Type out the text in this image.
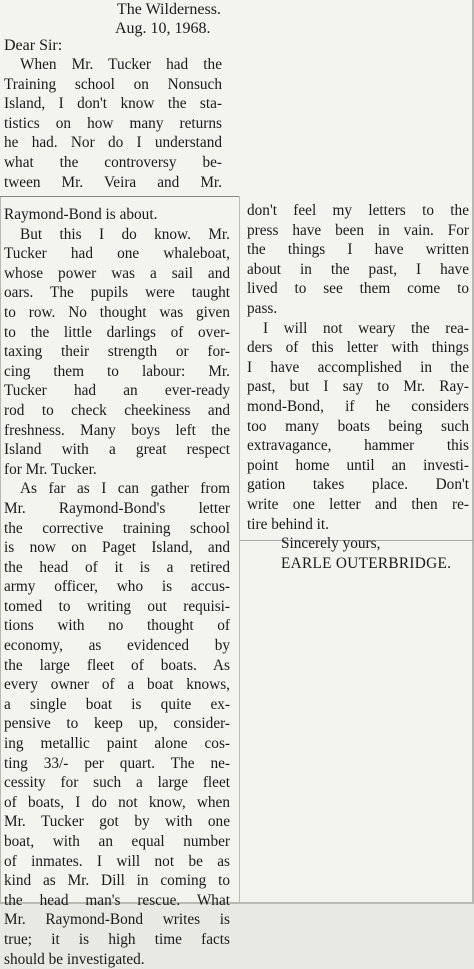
The Wilderness.
Aug. 10, 1968.
Dear Sir:
When Mr. Tucker had the
Training school on Nonsuch
Island, I don't know the sta-
tistics on how many returns
he had. Nor do I understand
what the controversy be-
tween Mr. Veira and Mr.
Raymond-Bond is about.
But this I do know. Mr.
Tucker had one whaleboat,
whose power was a sail and
oars. The pupils were taught
to row. No thought was given
to the little darlings of over-
taxing their strength or for-
cing them to labour: Mr.
Tucker had an ever-ready
rod to check cheekiness and
freshness. Many boys left the
Island with a great respect
for Mr. Tucker.
As far as I can gather from
Mr. Raymond-Bond's letter
the corrective training school
is now on Paget Island, and
the head of it is a retired
army officer, who is accus-
tomed to writing out requisi-
tions with no thought of
economy, as evidenced by
the large fleet of boats. As
every owner of a boat knows,
a single boat is quite ex-
pensive to keep up, consider-
ing metallic paint alone cos-
ting 33/- per quart. The ne-
cessity for such a large fleet
of boats, I do not know, when
Mr. Tucker got by with one
boat, with an equal number
of inmates. I will not be as
kind as Mr. Dill in coming to
the head man's rescue. What
Mr. Raymond-Bond writes is
true; it is high time facts
should be investigated.
don't feel my letters to the
press have been in vain. For
the things I have written
about in the past, I have
lived to see them come to
pass.
I will not weary the rea-
ders of this letter with things
I have accomplished in the
past, but I say to Mr. Ray-
mond-Bond, if he considers
too many boats being such
extravagance, hammer this
point home until an investi-
gation takes place. Don't
write one letter and then re-
tire behind it.
Sincerely yours,
EARLE OUTERBRIDGE.
